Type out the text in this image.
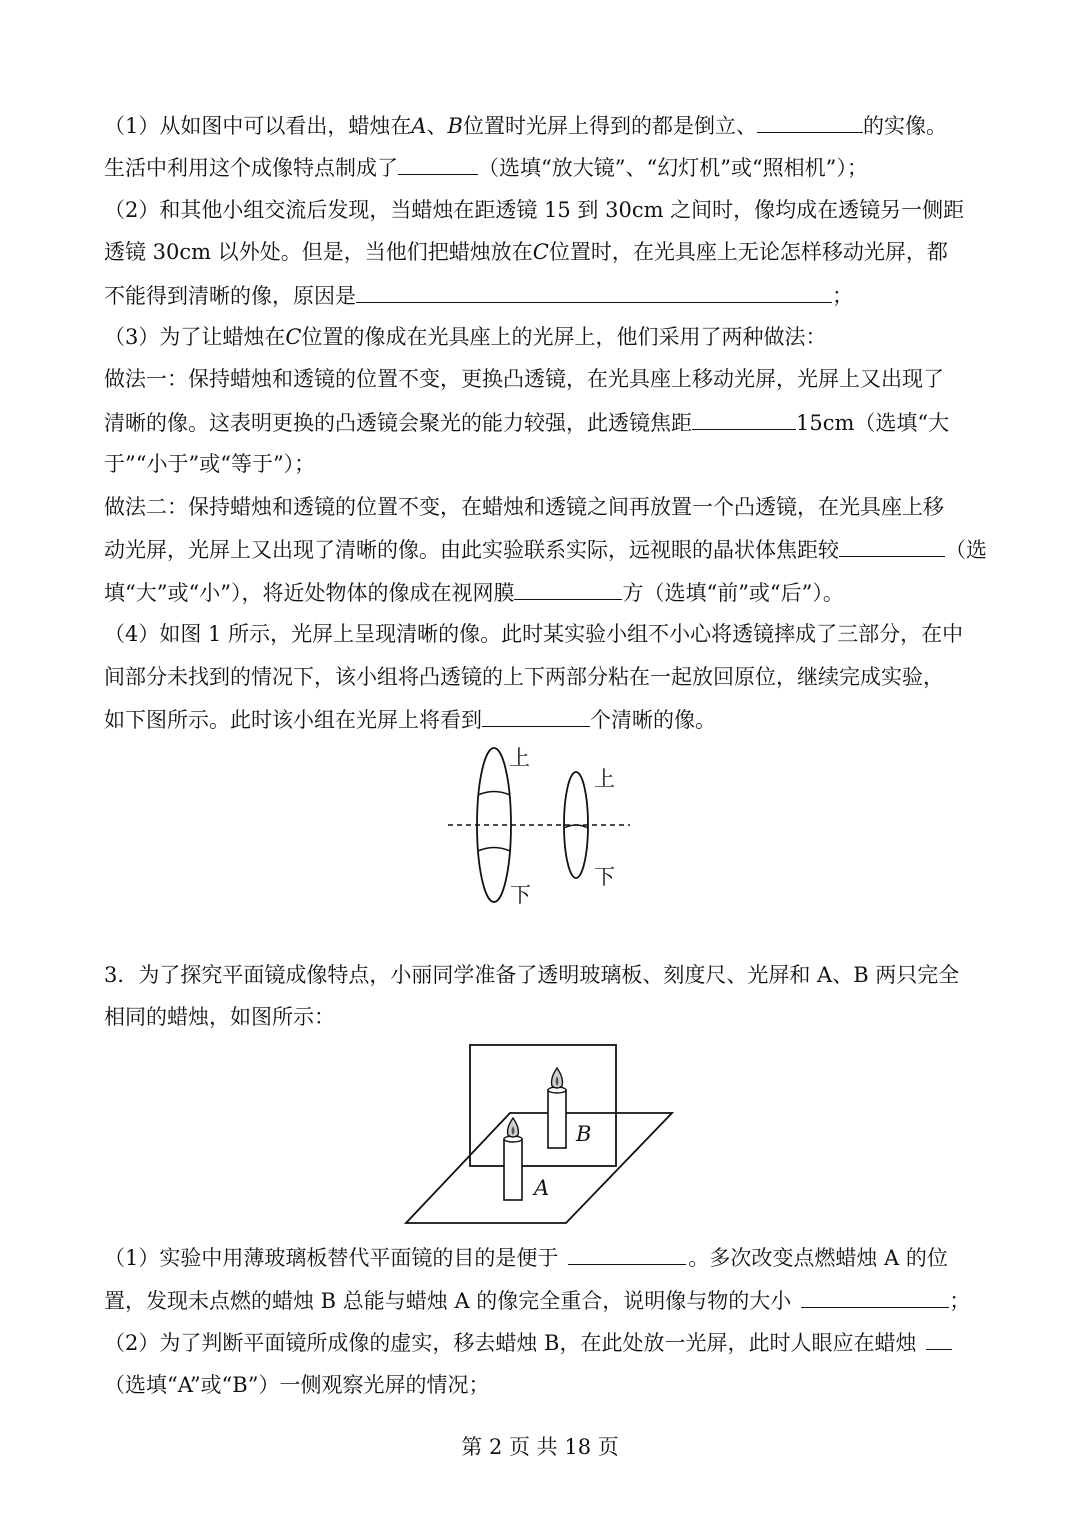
（1）从如图中可以看出，蜡烛在A、B位置时光屏上得到的都是倒立、	的实像。
生活中利用这个成像特点制成了	（选填“放大镜”、“幻灯机”或“照相机”）；
（2）和其他小组交流后发现，当蜡烛在距透镜 15 到 30cm 之间时，像均成在透镜另一侧距
透镜 30cm 以外处。但是，当他们把蜡烛放在C位置时，在光具座上无论怎样移动光屏，都
不能得到清晰的像，原因是	；
（3）为了让蜡烛在C位置的像成在光具座上的光屏上，他们采用了两种做法：
做法一：保持蜡烛和透镜的位置不变，更换凸透镜，在光具座上移动光屏，光屏上又出现了
清晰的像。这表明更换的凸透镜会聚光的能力较强，此透镜焦距	15cm（选填“大
于”“小于”或“等于”）；
做法二：保持蜡烛和透镜的位置不变，在蜡烛和透镜之间再放置一个凸透镜，在光具座上移
动光屏，光屏上又出现了清晰的像。由此实验联系实际，远视眼的晶状体焦距较	（选
填“大”或“小”），将近处物体的像成在视网膜	方（选填“前”或“后”）。
（4）如图 1 所示，光屏上呈现清晰的像。此时某实验小组不小心将透镜摔成了三部分，在中
间部分未找到的情况下，该小组将凸透镜的上下两部分粘在一起放回原位，继续完成实验，
如下图所示。此时该小组在光屏上将看到	个清晰的像。
上
下
上
下
3．为了探究平面镜成像特点，小丽同学准备了透明玻璃板、刻度尺、光屏和 A、B 两只完全
相同的蜡烛，如图所示：
B
A
（1）实验中用薄玻璃板替代平面镜的目的是便于	。多次改变点燃蜡烛 A 的位
置，发现未点燃的蜡烛 B 总能与蜡烛 A 的像完全重合，说明像与物的大小	；
（2）为了判断平面镜所成像的虚实，移去蜡烛 B，在此处放一光屏，此时人眼应在蜡烛
（选填“A”或“B”）一侧观察光屏的情况；
第 2 页 共 18 页
